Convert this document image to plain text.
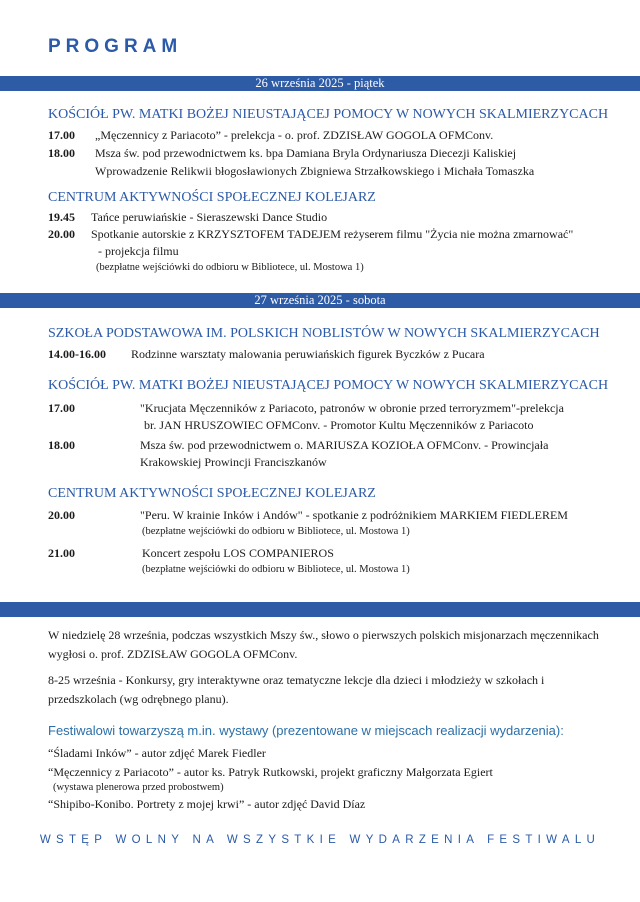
PROGRAM
26 września 2025 - piątek
KOŚCIÓŁ PW. MATKI BOŻEJ NIEUSTAJĄCEJ POMOCY W NOWYCH SKALMIERZYCACH
17.00 „Męczennicy z Pariacoto” - prelekcja - o. prof. ZDZISŁAW GOGOLA OFMConv.
18.00 Msza św. pod przewodnictwem ks. bpa Damiana Bryla Ordynariusza Diecezji Kaliskiej
Wprowadzenie Relikwii błogosławionych Zbigniewa Strzałkowskiego i Michała Tomaszka
CENTRUM AKTYWNOŚCI SPOŁECZNEJ KOLEJARZ
19.45 Tańce peruwiańskie - Sieraszewski Dance Studio
20.00 Spotkanie autorskie z KRZYSZTOFEM TADEJEM reżyserem filmu "Życia nie można zmarnować"
- projekcja filmu
(bezpłatne wejściówki do odbioru w Bibliotece, ul. Mostowa 1)
27 września 2025 - sobota
SZKOŁA PODSTAWOWA IM. POLSKICH NOBLISTÓW W NOWYCH SKALMIERZYCACH
14.00-16.00 Rodzinne warsztaty malowania peruwiańskich figurek Byczków z Pucara
KOŚCIÓŁ PW. MATKI BOŻEJ NIEUSTAJĄCEJ POMOCY W NOWYCH SKALMIERZYCACH
17.00	"Krucjata Męczenników z Pariacoto, patronów w obronie przed terroryzmem"-prelekcja
br. JAN HRUSZOWIEC OFMConv. - Promotor Kultu Męczenników z Pariacoto
18.00	Msza św. pod przewodnictwem o. MARIUSZA KOZIOŁA OFMConv. - Prowincjała
Krakowskiej Prowincji Franciszkanów
CENTRUM AKTYWNOŚCI SPOŁECZNEJ KOLEJARZ
20.00	"Peru. W krainie Inków i Andów" - spotkanie z podróżnikiem MARKIEM FIEDLEREM
(bezpłatne wejściówki do odbioru w Bibliotece, ul. Mostowa 1)
21.00	Koncert zespołu LOS COMPANIEROS
(bezpłatne wejściówki do odbioru w Bibliotece, ul. Mostowa 1)
W niedzielę 28 września, podczas wszystkich Mszy św., słowo o pierwszych polskich misjonarzach męczennikach wygłosi o. prof. ZDZISŁAW GOGOLA OFMConv.
8-25 września - Konkursy, gry interaktywne oraz tematyczne lekcje dla dzieci i młodzieży w szkołach i przedszkolach (wg odrębnego planu).
Festiwalowi towarzyszą m.in. wystawy (prezentowane w miejscach realizacji wydarzenia):
“Śladami Inków” - autor zdjęć Marek Fiedler
“Męczennicy z Pariacoto” - autor ks. Patryk Rutkowski, projekt graficzny Małgorzata Egiert
(wystawa plenerowa przed probostwem)
“Shipibo-Konibo. Portrety z mojej krwi” - autor zdjęć David Díaz
WSTĘP WOLNY NA WSZYSTKIE WYDARZENIA FESTIWALU
